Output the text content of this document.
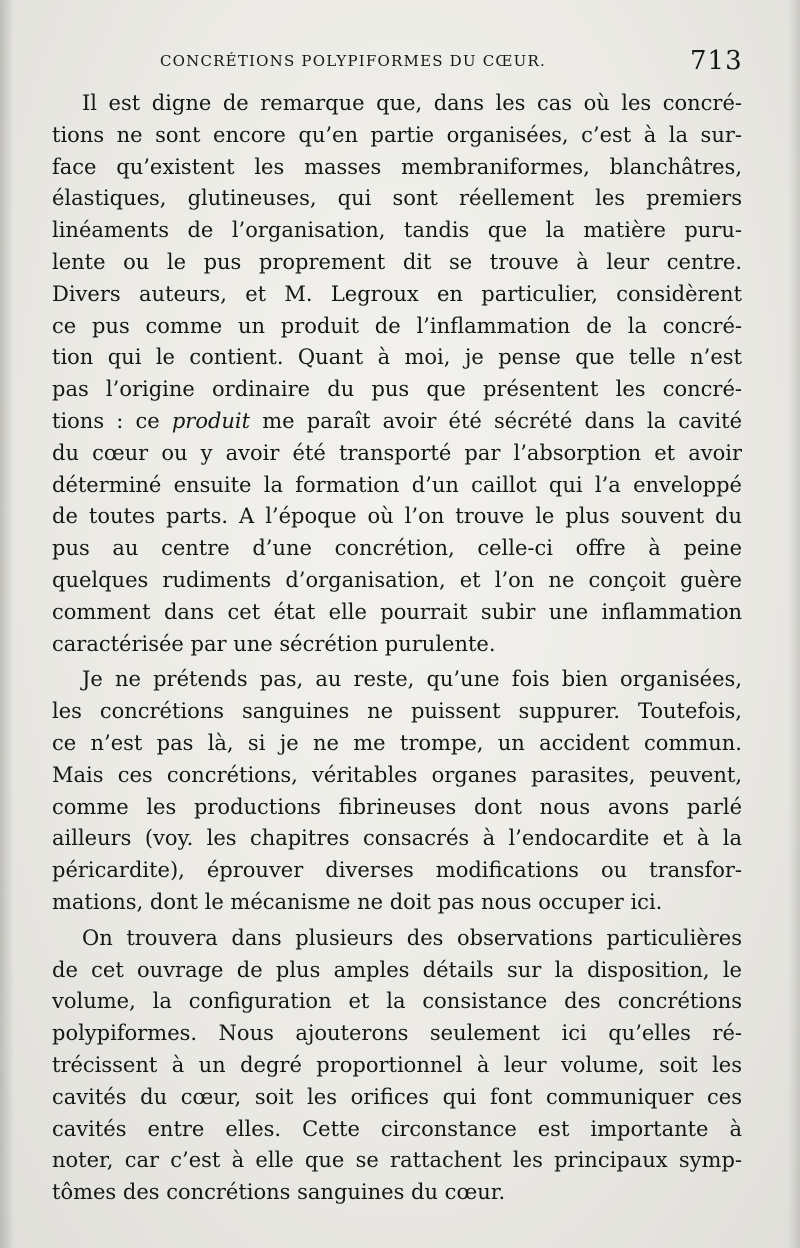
CONCRÉTIONS POLYPIFORMES DU CŒUR.	713
Il est digne de remarque que, dans les cas où les concré-
tions ne sont encore qu’en partie organisées, c’est à la sur-
face qu’existent les masses membraniformes, blanchâtres,
élastiques, glutineuses, qui sont réellement les premiers
linéaments de l’organisation, tandis que la matière puru-
lente ou le pus proprement dit se trouve à leur centre.
Divers auteurs, et M. Legroux en particulier, considèrent
ce pus comme un produit de l’inflammation de la concré-
tion qui le contient. Quant à moi, je pense que telle n’est
pas l’origine ordinaire du pus que présentent les concré-
tions : ce produit me paraît avoir été sécrété dans la cavité
du cœur ou y avoir été transporté par l’absorption et avoir
déterminé ensuite la formation d’un caillot qui l’a enveloppé
de toutes parts. A l’époque où l’on trouve le plus souvent du
pus au centre d’une concrétion, celle-ci offre à peine
quelques rudiments d’organisation, et l’on ne conçoit guère
comment dans cet état elle pourrait subir une inflammation
caractérisée par une sécrétion purulente.
Je ne prétends pas, au reste, qu’une fois bien organisées,
les concrétions sanguines ne puissent suppurer. Toutefois,
ce n’est pas là, si je ne me trompe, un accident commun.
Mais ces concrétions, véritables organes parasites, peuvent,
comme les productions fibrineuses dont nous avons parlé
ailleurs (voy. les chapitres consacrés à l’endocardite et à la
péricardite), éprouver diverses modifications ou transfor-
mations, dont le mécanisme ne doit pas nous occuper ici.
On trouvera dans plusieurs des observations particulières
de cet ouvrage de plus amples détails sur la disposition, le
volume, la configuration et la consistance des concrétions
polypiformes. Nous ajouterons seulement ici qu’elles ré-
trécissent à un degré proportionnel à leur volume, soit les
cavités du cœur, soit les orifices qui font communiquer ces
cavités entre elles. Cette circonstance est importante à
noter, car c’est à elle que se rattachent les principaux symp-
tômes des concrétions sanguines du cœur.
